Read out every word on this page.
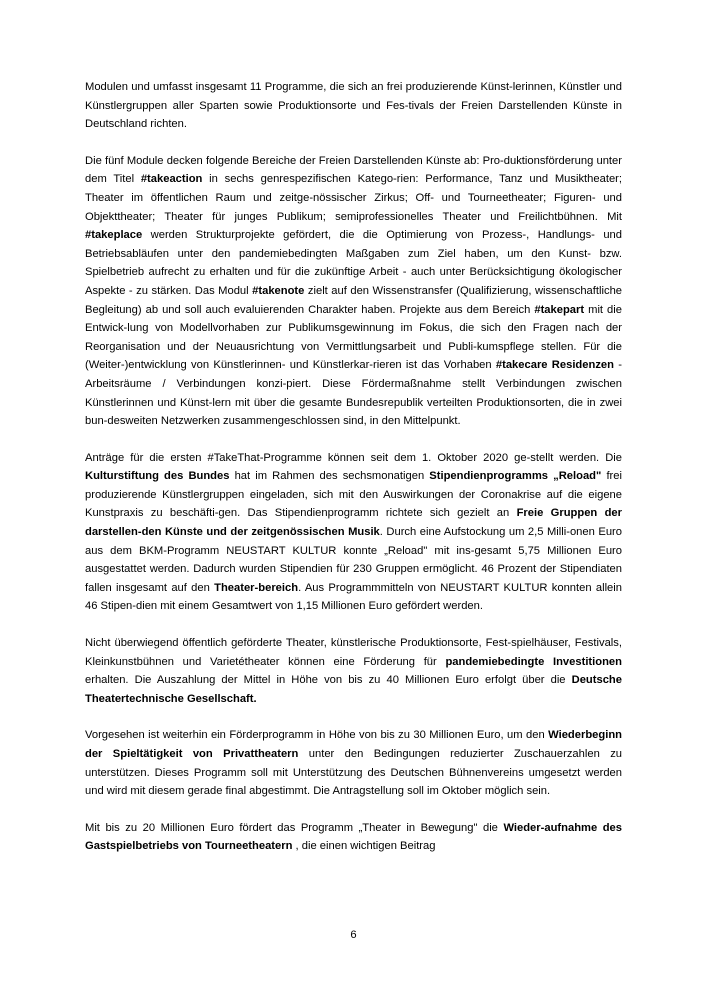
Modulen und umfasst insgesamt 11 Programme, die sich an frei produzierende Künst-lerinnen, Künstler und Künstlergruppen aller Sparten sowie Produktionsorte und Fes-tivals der Freien Darstellenden Künste in Deutschland richten.

Die fünf Module decken folgende Bereiche der Freien Darstellenden Künste ab: Pro-duktionsförderung unter dem Titel #takeaction in sechs genrespezifischen Katego-rien: Performance, Tanz und Musiktheater; Theater im öffentlichen Raum und zeitge-nössischer Zirkus; Off- und Tourneetheater; Figuren- und Objekttheater; Theater für junges Publikum; semiprofessionelles Theater und Freilichtbühnen. Mit #takeplace werden Strukturprojekte gefördert, die die Optimierung von Prozess-, Handlungs- und Betriebsabläufen unter den pandemiebedingten Maßgaben zum Ziel haben, um den Kunst- bzw. Spielbetrieb aufrecht zu erhalten und für die zukünftige Arbeit - auch unter Berücksichtigung ökologischer Aspekte - zu stärken. Das Modul #takenote zielt auf den Wissenstransfer (Qualifizierung, wissenschaftliche Begleitung) ab und soll auch evaluierenden Charakter haben. Projekte aus dem Bereich #takepart mit die Entwick-lung von Modellvorhaben zur Publikumsgewinnung im Fokus, die sich den Fragen nach der Reorganisation und der Neuausrichtung von Vermittlungsarbeit und Publi-kumspflege stellen. Für die (Weiter-)entwicklung von Künstlerinnen- und Künstlerkar-rieren ist das Vorhaben #takecare Residenzen - Arbeitsräume / Verbindungen konzi-piert. Diese Fördermaßnahme stellt Verbindungen zwischen Künstlerinnen und Künst-lern mit über die gesamte Bundesrepublik verteilten Produktionsorten, die in zwei bun-desweiten Netzwerken zusammengeschlossen sind, in den Mittelpunkt.

Anträge für die ersten #TakeThat-Programme können seit dem 1. Oktober 2020 ge-stellt werden. Die Kulturstiftung des Bundes hat im Rahmen des sechsmonatigen Stipendienprogramms „Reload" frei produzierende Künstlergruppen eingeladen, sich mit den Auswirkungen der Coronakrise auf die eigene Kunstpraxis zu beschäfti-gen. Das Stipendienprogramm richtete sich gezielt an Freie Gruppen der darstellen-den Künste und der zeitgenössischen Musik. Durch eine Aufstockung um 2,5 Milli-onen Euro aus dem BKM-Programm NEUSTART KULTUR konnte „Reload" mit ins-gesamt 5,75 Millionen Euro ausgestattet werden. Dadurch wurden Stipendien für 230 Gruppen ermöglicht. 46 Prozent der Stipendiaten fallen insgesamt auf den Theater-bereich. Aus Programmmitteln von NEUSTART KULTUR konnten allein 46 Stipen-dien mit einem Gesamtwert von 1,15 Millionen Euro gefördert werden.

Nicht überwiegend öffentlich geförderte Theater, künstlerische Produktionsorte, Fest-spielhäuser, Festivals, Kleinkunstbühnen und Varietétheater können eine Förderung für pandemiebedingte Investitionen erhalten. Die Auszahlung der Mittel in Höhe von bis zu 40 Millionen Euro erfolgt über die Deutsche Theatertechnische Gesellschaft.

Vorgesehen ist weiterhin ein Förderprogramm in Höhe von bis zu 30 Millionen Euro, um den Wiederbeginn der Spieltätigkeit von Privattheatern unter den Bedingungen reduzierter Zuschauerzahlen zu unterstützen. Dieses Programm soll mit Unterstützung des Deutschen Bühnenvereins umgesetzt werden und wird mit diesem gerade final abgestimmt. Die Antragstellung soll im Oktober möglich sein.

Mit bis zu 20 Millionen Euro fördert das Programm „Theater in Bewegung" die Wieder-aufnahme des Gastspielbetriebs von Tourneetheatern , die einen wichtigen Beitrag

6
